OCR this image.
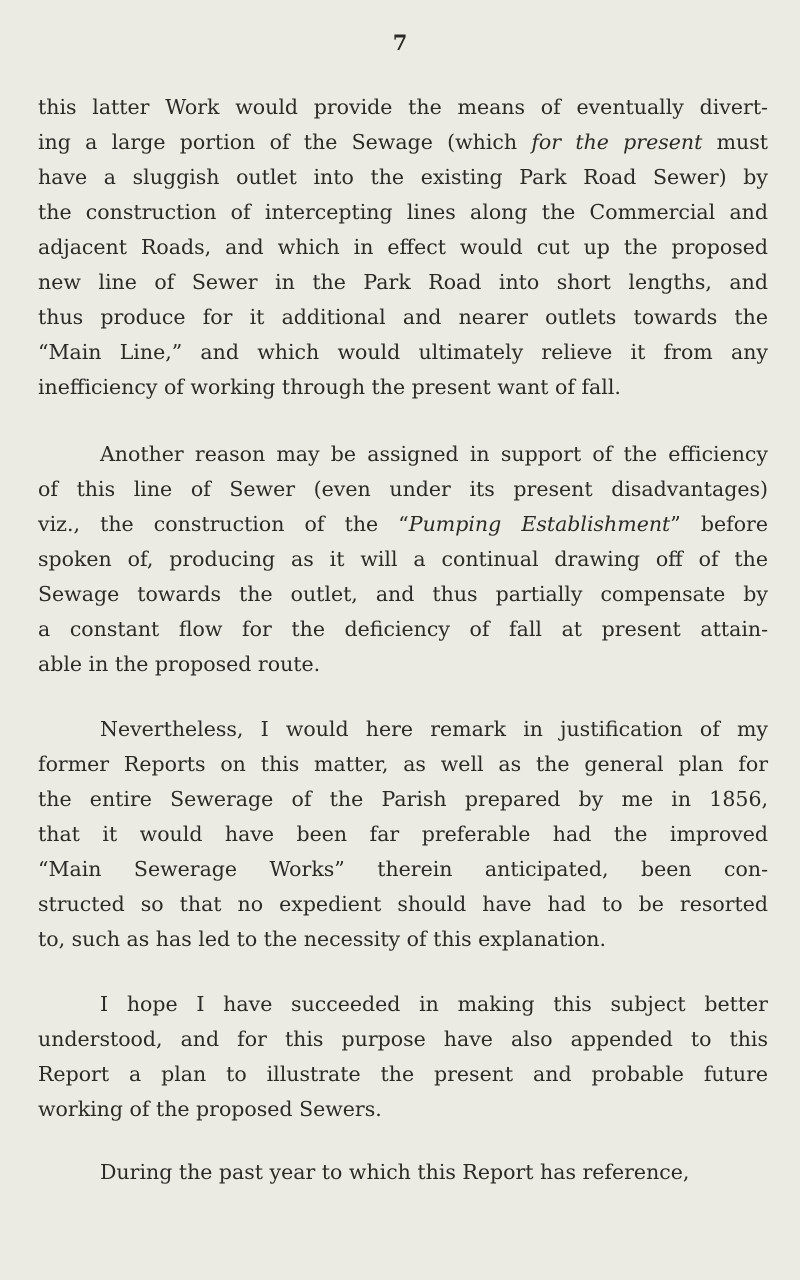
7
this latter Work would provide the means of eventually divert-
ing a large portion of the Sewage (which for the present must
have a sluggish outlet into the existing Park Road Sewer) by
the construction of intercepting lines along the Commercial and
adjacent Roads, and which in effect would cut up the proposed
new line of Sewer in the Park Road into short lengths, and
thus produce for it additional and nearer outlets towards the
“Main Line,” and which would ultimately relieve it from any
inefficiency of working through the present want of fall.
Another reason may be assigned in support of the efficiency
of this line of Sewer (even under its present disadvantages)
viz., the construction of the “Pumping Establishment” before
spoken of, producing as it will a continual drawing off of the
Sewage towards the outlet, and thus partially compensate by
a constant flow for the deficiency of fall at present attain-
able in the proposed route.
Nevertheless, I would here remark in justification of my
former Reports on this matter, as well as the general plan for
the entire Sewerage of the Parish prepared by me in 1856,
that it would have been far preferable had the improved
“Main Sewerage Works” therein anticipated, been con-
structed so that no expedient should have had to be resorted
to, such as has led to the necessity of this explanation.
I hope I have succeeded in making this subject better
understood, and for this purpose have also appended to this
Report a plan to illustrate the present and probable future
working of the proposed Sewers.
During the past year to which this Report has reference,
